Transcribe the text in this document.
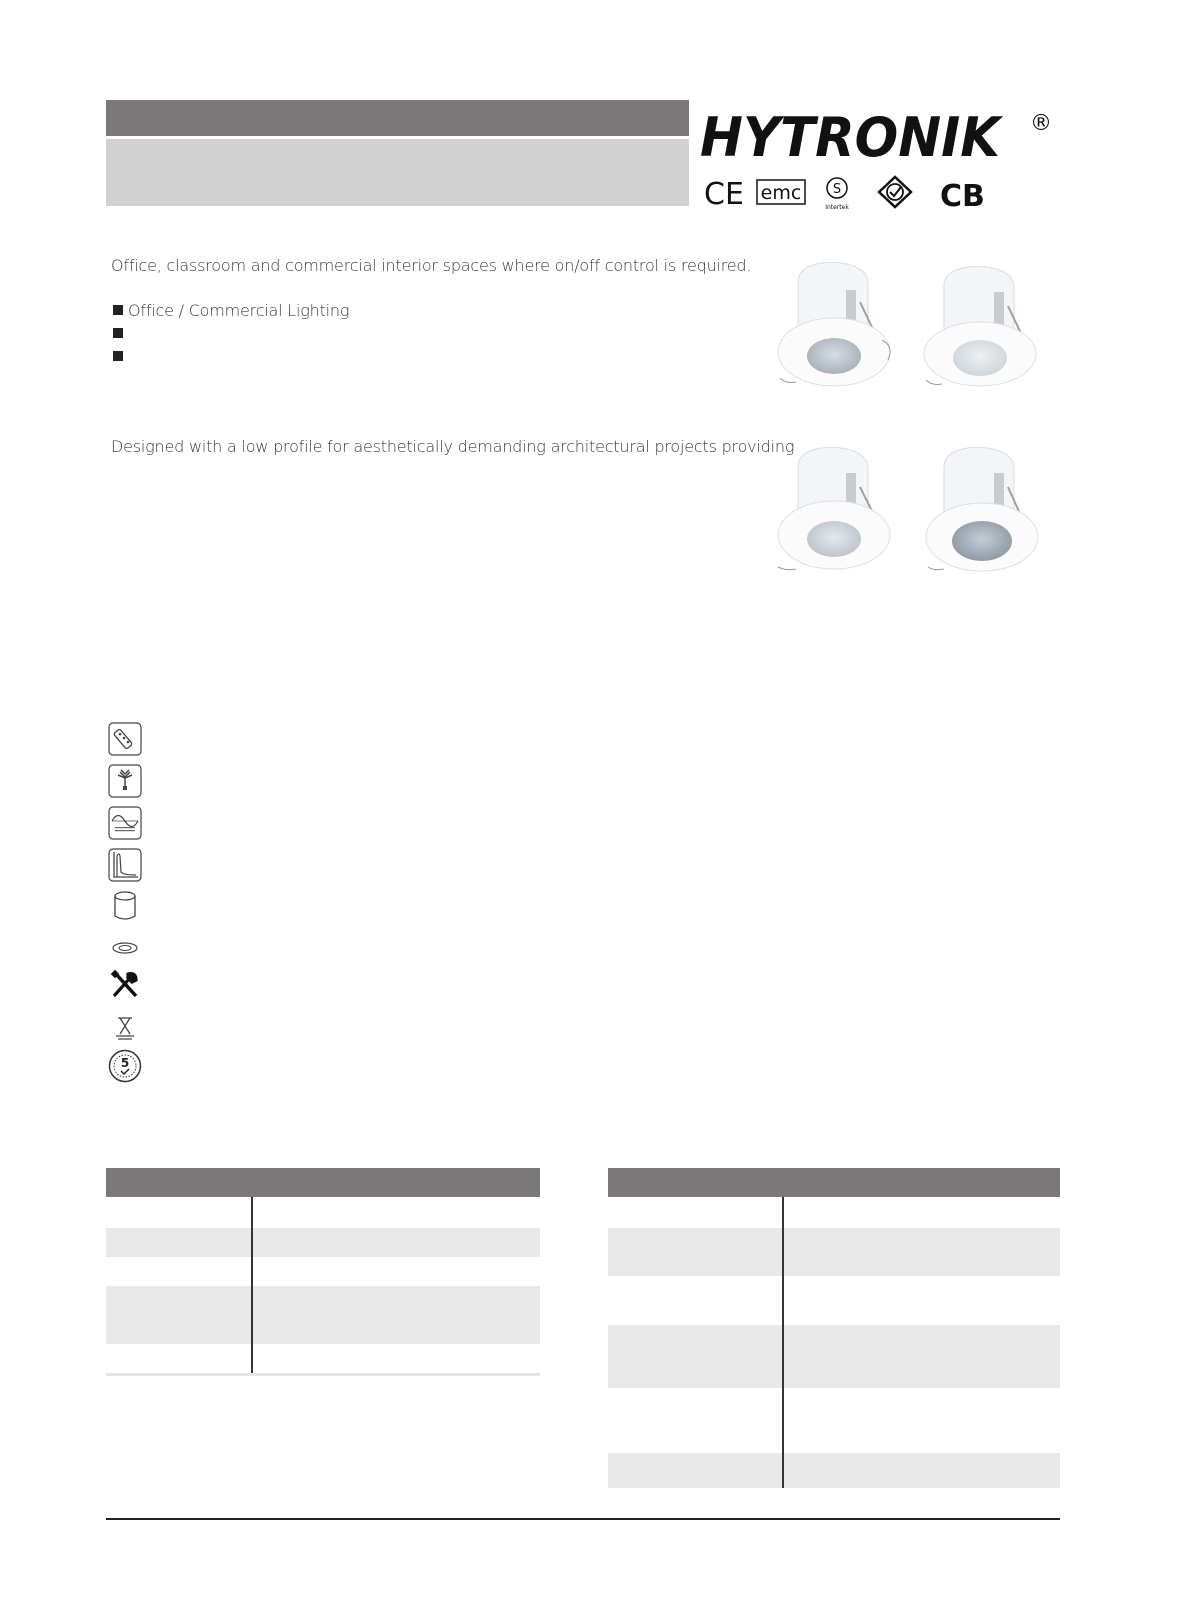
HYTRONIK ®
CE emc S
Intertek	CB
Office, classroom and commercial interior spaces where on/off control is required.
Office / Commercial Lighting
Designed with a low profile for aesthetically demanding architectural projects providing
5
